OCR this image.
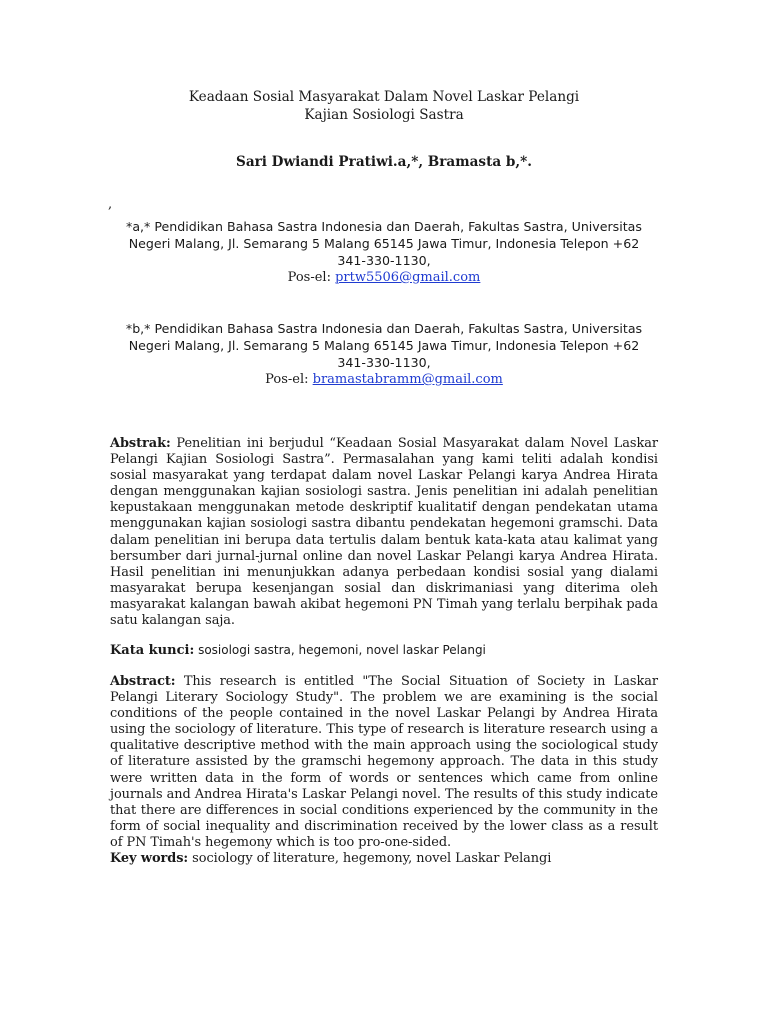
Keadaan Sosial Masyarakat Dalam Novel Laskar Pelangi
Kajian Sosiologi Sastra
Sari Dwiandi Pratiwi.a,*, Bramasta b,*.
,
*a,* Pendidikan Bahasa Sastra Indonesia dan Daerah, Fakultas Sastra, Universitas
Negeri Malang, Jl. Semarang 5 Malang 65145 Jawa Timur, Indonesia Telepon +62
341-330-1130,
Pos-el: prtw5506@gmail.com
*b,* Pendidikan Bahasa Sastra Indonesia dan Daerah, Fakultas Sastra, Universitas
Negeri Malang, Jl. Semarang 5 Malang 65145 Jawa Timur, Indonesia Telepon +62
341-330-1130,
Pos-el: bramastabramm@gmail.com
Abstrak: Penelitian ini berjudul “Keadaan Sosial Masyarakat dalam Novel Laskar Pelangi Kajian Sosiologi Sastra”. Permasalahan yang kami teliti adalah kondisi sosial masyarakat yang terdapat dalam novel Laskar Pelangi karya Andrea Hirata dengan menggunakan kajian sosiologi sastra. Jenis penelitian ini adalah penelitian kepustakaan menggunakan metode deskriptif kualitatif dengan pendekatan utama menggunakan kajian sosiologi sastra dibantu pendekatan hegemoni gramschi. Data dalam penelitian ini berupa data tertulis dalam bentuk kata-kata atau kalimat yang bersumber dari jurnal-jurnal online dan novel Laskar Pelangi karya Andrea Hirata. Hasil penelitian ini menunjukkan adanya perbedaan kondisi sosial yang dialami masyarakat berupa kesenjangan sosial dan diskrimaniasi yang diterima oleh masyarakat kalangan bawah akibat hegemoni PN Timah yang terlalu berpihak pada satu kalangan saja.
Kata kunci: sosiologi sastra, hegemoni, novel laskar Pelangi
Abstract: This research is entitled "The Social Situation of Society in Laskar Pelangi Literary Sociology Study". The problem we are examining is the social conditions of the people contained in the novel Laskar Pelangi by Andrea Hirata using the sociology of literature. This type of research is literature research using a qualitative descriptive method with the main approach using the sociological study of literature assisted by the gramschi hegemony approach. The data in this study were written data in the form of words or sentences which came from online journals and Andrea Hirata's Laskar Pelangi novel. The results of this study indicate that there are differences in social conditions experienced by the community in the form of social inequality and discrimination received by the lower class as a result of PN Timah's hegemony which is too pro-one-sided.
Key words: sociology of literature, hegemony, novel Laskar Pelangi
